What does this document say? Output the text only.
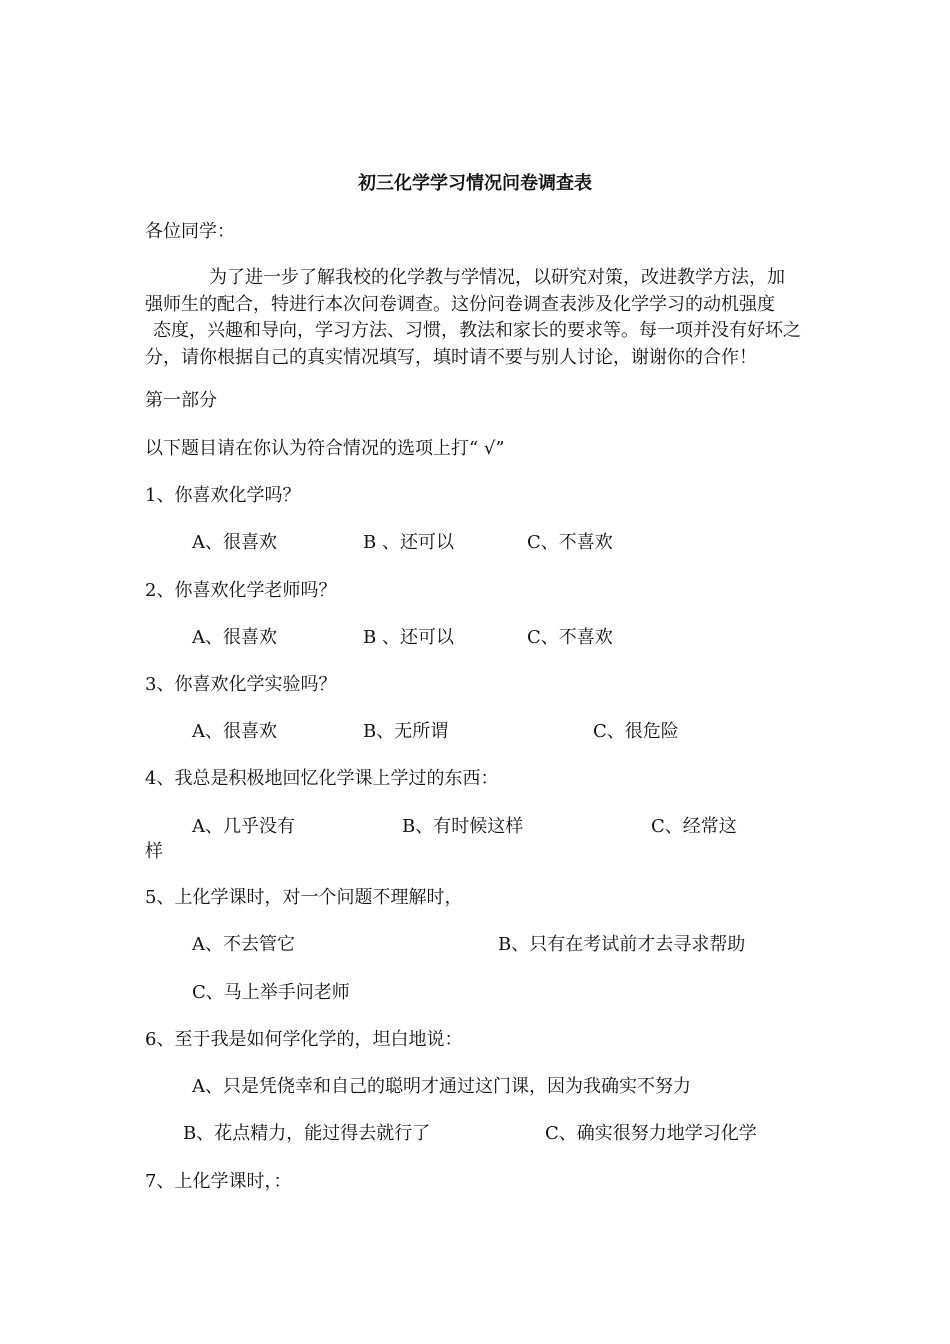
初三化学学习情况问卷调查表
各位同学：
为了进一步了解我校的化学教与学情况，以研究对策，改进教学方法，加
强师生的配合，特进行本次问卷调查。这份问卷调查表涉及化学学习的动机强度
态度，兴趣和导向，学习方法、习惯，教法和家长的要求等。每一项并没有好坏之
分，请你根据自己的真实情况填写，填时请不要与别人讨论，谢谢你的合作！
第一部分
以下题目请在你认为符合情况的选项上打“ √”
1、你喜欢化学吗？
A、很喜欢	B 、还可以	C、不喜欢
2、你喜欢化学老师吗？
A、很喜欢	B 、还可以	C、不喜欢
3、你喜欢化学实验吗？
A、很喜欢	B、无所谓	C、很危险
4、我总是积极地回忆化学课上学过的东西：
A、几乎没有	B、有时候这样	C、经常这
样
5、上化学课时，对一个问题不理解时，
A、不去管它	B、只有在考试前才去寻求帮助
C、马上举手问老师
6、至于我是如何学化学的，坦白地说：
A、只是凭侥幸和自己的聪明才通过这门课，因为我确实不努力
B、花点精力，能过得去就行了	C、确实很努力地学习化学
7、上化学课时，：
